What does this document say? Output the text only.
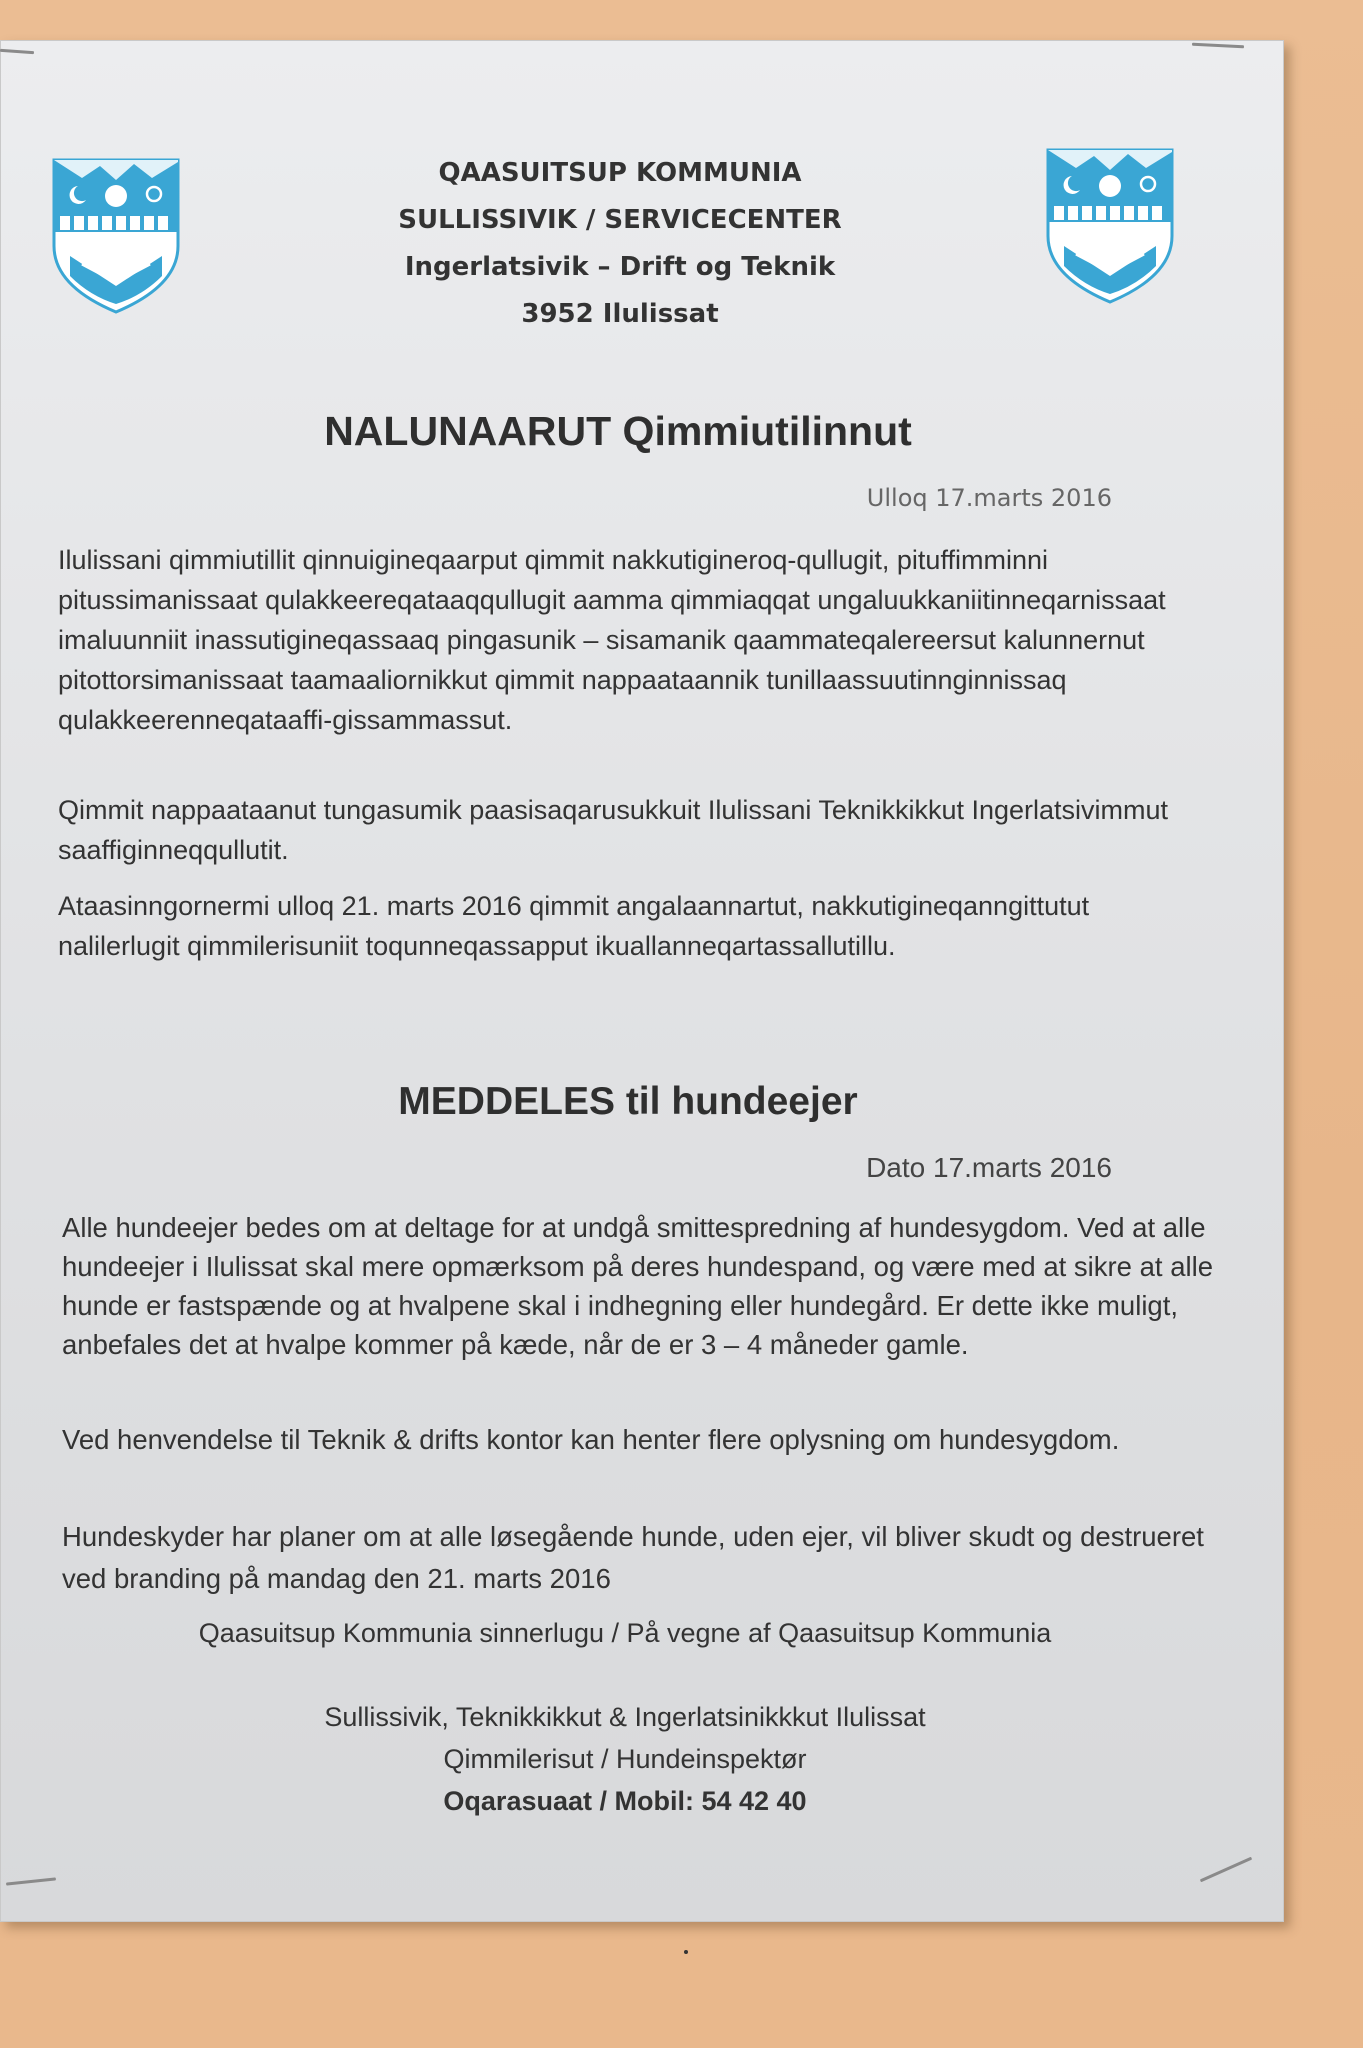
QAASUITSUP KOMMUNIA
SULLISSIVIK / SERVICECENTER
Ingerlatsivik – Drift og Teknik
3952 Ilulissat
NALUNAARUT Qimmiutilinnut
Ulloq 17.marts 2016

Ilulissani qimmiutillit qinnuigineqaarput qimmit nakkutigineroq-qullugit, pituffimminni pitussimanissaat qulakkeereqataaqqullugit aamma qimmiaqqat ungaluukkaniitinneqarnissaat imaluunniit inassutigineqassaaq pingasunik – sisamanik qaammateqalereersut kalunnernut pitottorsimanissaat taamaaliornikkut qimmit nappaataannik tunillaassuutinnginnissaq qulakkeerenneqataaffi-gissammassut.

Qimmit nappaataanut tungasumik paasisaqarusukkuit Ilulissani Teknikkikkut Ingerlatsivimmut saaffiginneqqullutit.

Ataasinngornermi ulloq 21. marts 2016 qimmit angalaannartut, nakkutigineqanngittutut nalilerlugit qimmilerisuniit toqunneqassapput ikuallanneqartassallutillu.

MEDDELES til hundeejer
Dato 17.marts 2016

Alle hundeejer bedes om at deltage for at undgå smittespredning af hundesygdom. Ved at alle hundeejer i Ilulissat skal mere opmærksom på deres hundespand, og være med at sikre at alle hunde er fastspænde og at hvalpene skal i indhegning eller hundegård. Er dette ikke muligt, anbefales det at hvalpe kommer på kæde, når de er 3 – 4 måneder gamle.

Ved henvendelse til Teknik & drifts kontor kan henter flere oplysning om hundesygdom.

Hundeskyder har planer om at alle løsegående hunde, uden ejer, vil bliver skudt og destrueret ved branding på mandag den 21. marts 2016

Qaasuitsup Kommunia sinnerlugu / På vegne af Qaasuitsup Kommunia
Sullissivik, Teknikkikkut & Ingerlatsinikkkut Ilulissat
Qimmilerisut / Hundeinspektør
Oqarasuaat / Mobil: 54 42 40
